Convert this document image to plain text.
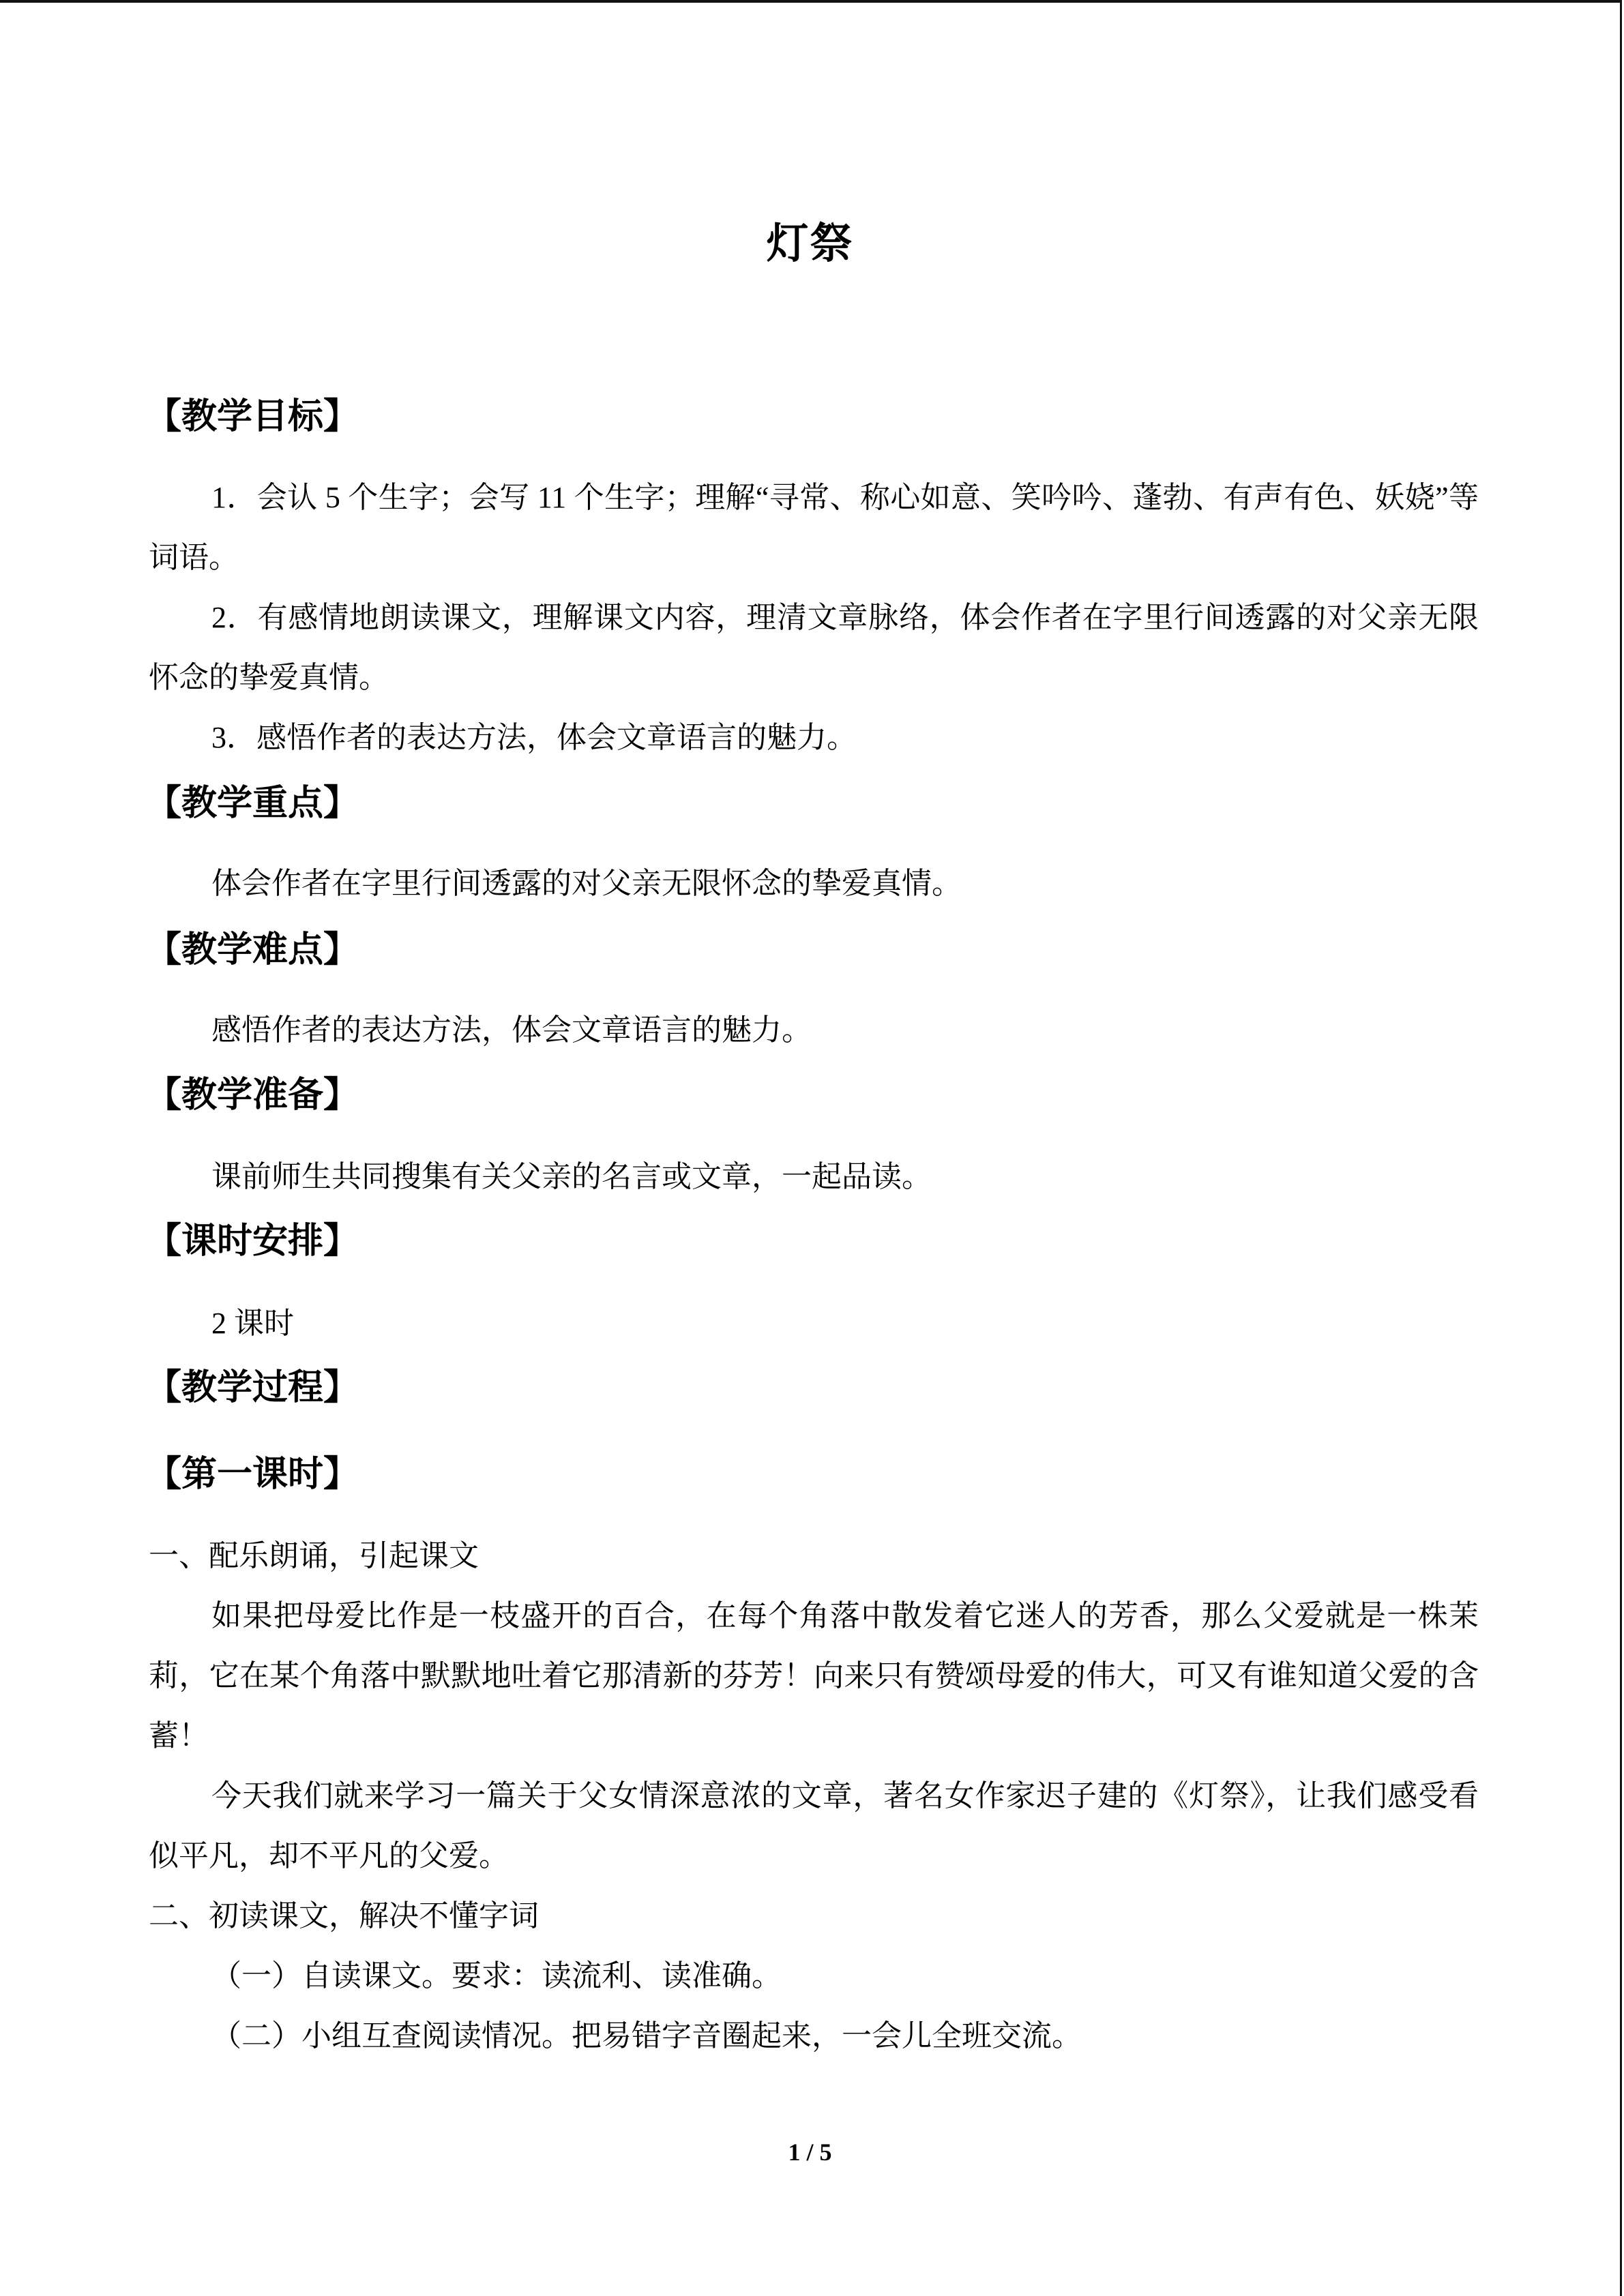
灯祭
【教学目标】
1．会认 5 个生字；会写 11 个生字；理解“寻常、称心如意、笑吟吟、蓬勃、有声有色、妖娆”等词语。
2．有感情地朗读课文，理解课文内容，理清文章脉络，体会作者在字里行间透露的对父亲无限怀念的挚爱真情。
3．感悟作者的表达方法，体会文章语言的魅力。
【教学重点】
体会作者在字里行间透露的对父亲无限怀念的挚爱真情。
【教学难点】
感悟作者的表达方法，体会文章语言的魅力。
【教学准备】
课前师生共同搜集有关父亲的名言或文章，一起品读。
【课时安排】
2 课时
【教学过程】
【第一课时】
一、配乐朗诵，引起课文
如果把母爱比作是一枝盛开的百合，在每个角落中散发着它迷人的芳香，那么父爱就是一株茉莉，它在某个角落中默默地吐着它那清新的芬芳！向来只有赞颂母爱的伟大，可又有谁知道父爱的含蓄！
今天我们就来学习一篇关于父女情深意浓的文章，著名女作家迟子建的《灯祭》，让我们感受看似平凡，却不平凡的父爱。
二、初读课文，解决不懂字词
（一）自读课文。要求：读流利、读准确。
（二）小组互查阅读情况。把易错字音圈起来，一会儿全班交流。
1 / 5
